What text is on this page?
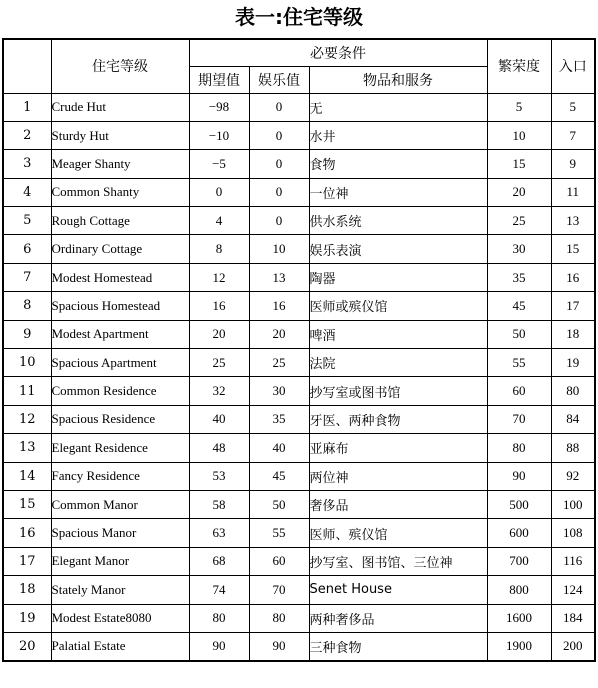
表一:住宅等级
	住宅等级	必要条件			繁荣度	入口
		期望值	娱乐值	物品和服务		
1	Crude Hut	−98	0	无	5	5
2	Sturdy Hut	−10	0	水井	10	7
3	Meager Shanty	−5	0	食物	15	9
4	Common Shanty	0	0	一位神	20	11
5	Rough Cottage	4	0	供水系统	25	13
6	Ordinary Cottage	8	10	娱乐表演	30	15
7	Modest Homestead	12	13	陶器	35	16
8	Spacious Homestead	16	16	医师或殡仪馆	45	17
9	Modest Apartment	20	20	啤酒	50	18
10	Spacious Apartment	25	25	法院	55	19
11	Common Residence	32	30	抄写室或图书馆	60	80
12	Spacious Residence	40	35	牙医、两种食物	70	84
13	Elegant Residence	48	40	亚麻布	80	88
14	Fancy Residence	53	45	两位神	90	92
15	Common Manor	58	50	奢侈品	500	100
16	Spacious Manor	63	55	医师、殡仪馆	600	108
17	Elegant Manor	68	60	抄写室、图书馆、三位神	700	116
18	Stately Manor	74	70	Senet House	800	124
19	Modest Estate8080	80	80	两种奢侈品	1600	184
20	Palatial Estate	90	90	三种食物	1900	200
